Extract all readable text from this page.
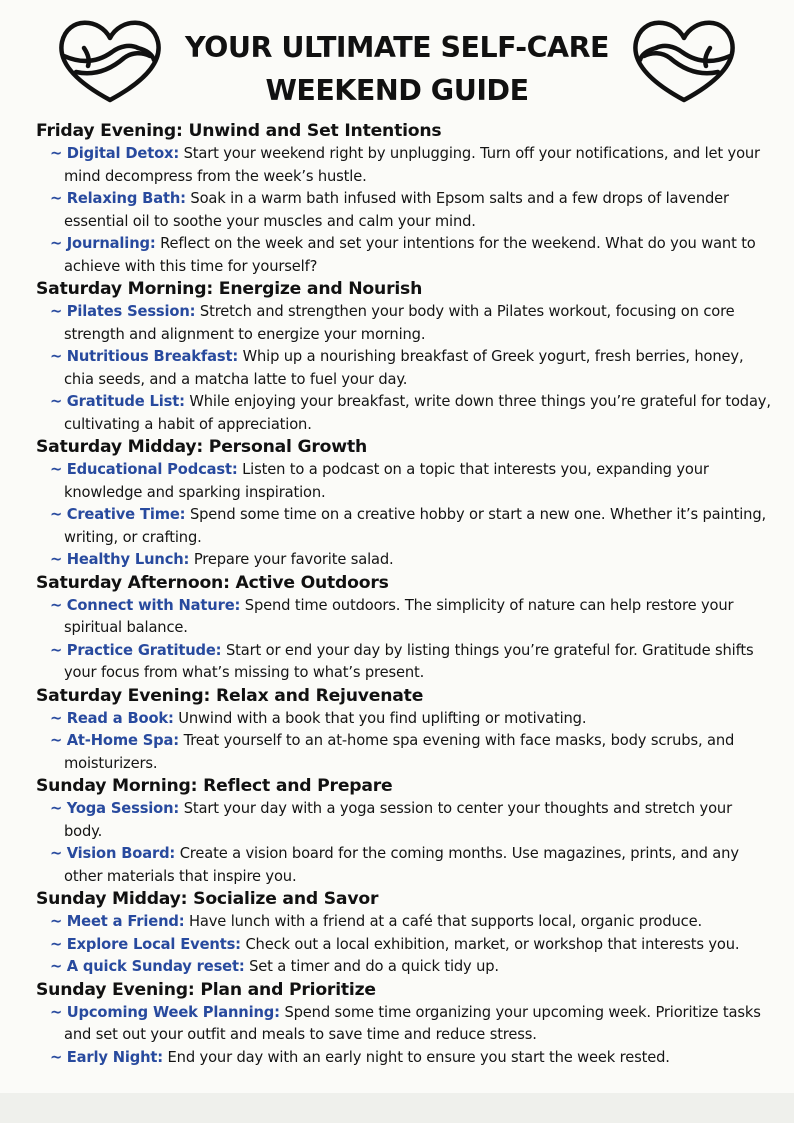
YOUR ULTIMATE SELF-CARE
WEEKEND GUIDE
Friday Evening: Unwind and Set Intentions
~ Digital Detox: Start your weekend right by unplugging. Turn off your notifications, and let your mind decompress from the week’s hustle.
~ Relaxing Bath: Soak in a warm bath infused with Epsom salts and a few drops of lavender essential oil to soothe your muscles and calm your mind.
~ Journaling: Reflect on the week and set your intentions for the weekend. What do you want to achieve with this time for yourself?
Saturday Morning: Energize and Nourish
~ Pilates Session: Stretch and strengthen your body with a Pilates workout, focusing on core strength and alignment to energize your morning.
~ Nutritious Breakfast: Whip up a nourishing breakfast of Greek yogurt, fresh berries, honey, chia seeds, and a matcha latte to fuel your day.
~ Gratitude List: While enjoying your breakfast, write down three things you’re grateful for today, cultivating a habit of appreciation.
Saturday Midday: Personal Growth
~ Educational Podcast: Listen to a podcast on a topic that interests you, expanding your knowledge and sparking inspiration.
~ Creative Time: Spend some time on a creative hobby or start a new one. Whether it’s painting, writing, or crafting.
~ Healthy Lunch: Prepare your favorite salad.
Saturday Afternoon: Active Outdoors
~ Connect with Nature: Spend time outdoors. The simplicity of nature can help restore your spiritual balance.
~ Practice Gratitude: Start or end your day by listing things you’re grateful for. Gratitude shifts your focus from what’s missing to what’s present.
Saturday Evening: Relax and Rejuvenate
~ Read a Book: Unwind with a book that you find uplifting or motivating.
~ At-Home Spa: Treat yourself to an at-home spa evening with face masks, body scrubs, and moisturizers.
Sunday Morning: Reflect and Prepare
~ Yoga Session: Start your day with a yoga session to center your thoughts and stretch your body.
~ Vision Board: Create a vision board for the coming months. Use magazines, prints, and any other materials that inspire you.
Sunday Midday: Socialize and Savor
~ Meet a Friend: Have lunch with a friend at a café that supports local, organic produce.
~ Explore Local Events: Check out a local exhibition, market, or workshop that interests you.
~ A quick Sunday reset: Set a timer and do a quick tidy up.
Sunday Evening: Plan and Prioritize
~ Upcoming Week Planning: Spend some time organizing your upcoming week. Prioritize tasks and set out your outfit and meals to save time and reduce stress.
~ Early Night: End your day with an early night to ensure you start the week rested.
